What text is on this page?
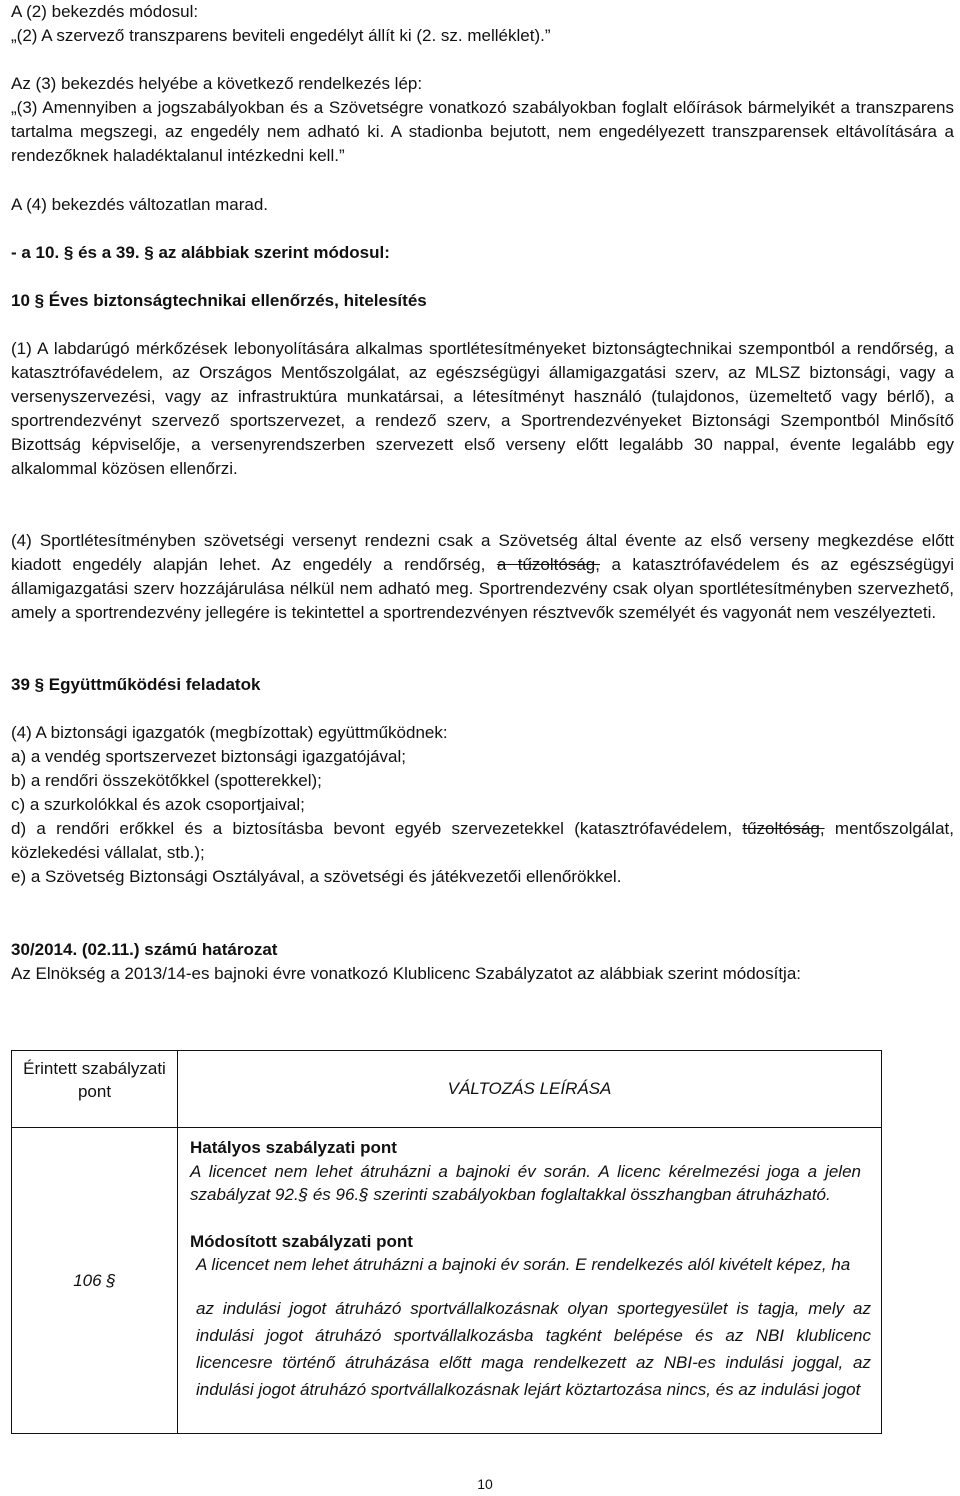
A (2) bekezdés módosul:
„(2) A szervező transzparens beviteli engedélyt állít ki (2. sz. melléklet).”
Az (3) bekezdés helyébe a következő rendelkezés lép:
„(3) Amennyiben a jogszabályokban és a Szövetségre vonatkozó szabályokban foglalt előírások bármelyikét a transzparens tartalma megszegi, az engedély nem adható ki. A stadionba bejutott, nem engedélyezett transzparensek eltávolítására a rendezőknek haladéktalanul intézkedni kell.”
A (4) bekezdés változatlan marad.
- a 10. § és a 39. § az alábbiak szerint módosul:
10 § Éves biztonságtechnikai ellenőrzés, hitelesítés
(1) A labdarúgó mérkőzések lebonyolítására alkalmas sportlétesítményeket biztonságtechnikai szempontból a rendőrség, a katasztrófavédelem, az Országos Mentőszolgálat, az egészségügyi államigazgatási szerv, az MLSZ biztonsági, vagy a versenyszervezési, vagy az infrastruktúra munkatársai, a létesítményt használó (tulajdonos, üzemeltető vagy bérlő), a sportrendezvényt szervező sportszervezet, a rendező szerv, a Sportrendezvényeket Biztonsági Szempontból Minősítő Bizottság képviselője, a versenyrendszerben szervezett első verseny előtt legalább 30 nappal, évente legalább egy alkalommal közösen ellenőrzi.
(4) Sportlétesítményben szövetségi versenyt rendezni csak a Szövetség által évente az első verseny megkezdése előtt kiadott engedély alapján lehet. Az engedély a rendőrség, a tűzoltóság, a katasztrófavédelem és az egészségügyi államigazgatási szerv hozzájárulása nélkül nem adható meg. Sportrendezvény csak olyan sportlétesítményben szervezhető, amely a sportrendezvény jellegére is tekintettel a sportrendezvényen résztvevők személyét és vagyonát nem veszélyezteti.
39 § Együttműködési feladatok
(4) A biztonsági igazgatók (megbízottak) együttműködnek:
a) a vendég sportszervezet biztonsági igazgatójával;
b) a rendőri összekötőkkel (spotterekkel);
c) a szurkolókkal és azok csoportjaival;
d) a rendőri erőkkel és a biztosításba bevont egyéb szervezetekkel (katasztrófavédelem, tűzoltóság, mentőszolgálat, közlekedési vállalat, stb.);
e) a Szövetség Biztonsági Osztályával, a szövetségi és játékvezetői ellenőrökkel.
30/2014. (02.11.) számú határozat
Az Elnökség a 2013/14-es bajnoki évre vonatkozó Klublicenc Szabályzatot az alábbiak szerint módosítja:
Érintett szabályzati pont	VÁLTOZÁS LEÍRÁSA
106 §	Hatályos szabályzati pont
A licencet nem lehet átruházni a bajnoki év során. A licenc kérelmezési joga a jelen szabályzat 92.§ és 96.§ szerinti szabályokban foglaltakkal összhangban átruházható.
Módosított szabályzati pont
A licencet nem lehet átruházni a bajnoki év során. E rendelkezés alól kivételt képez, ha
az indulási jogot átruházó sportvállalkozásnak olyan sportegyesület is tagja, mely az indulási jogot átruházó sportvállalkozásba tagként belépése és az NBI klublicenc licencesre történő átruházása előtt maga rendelkezett az NBI-es indulási joggal, az indulási jogot átruházó sportvállalkozásnak lejárt köztartozása nincs, és az indulási jogot
10
